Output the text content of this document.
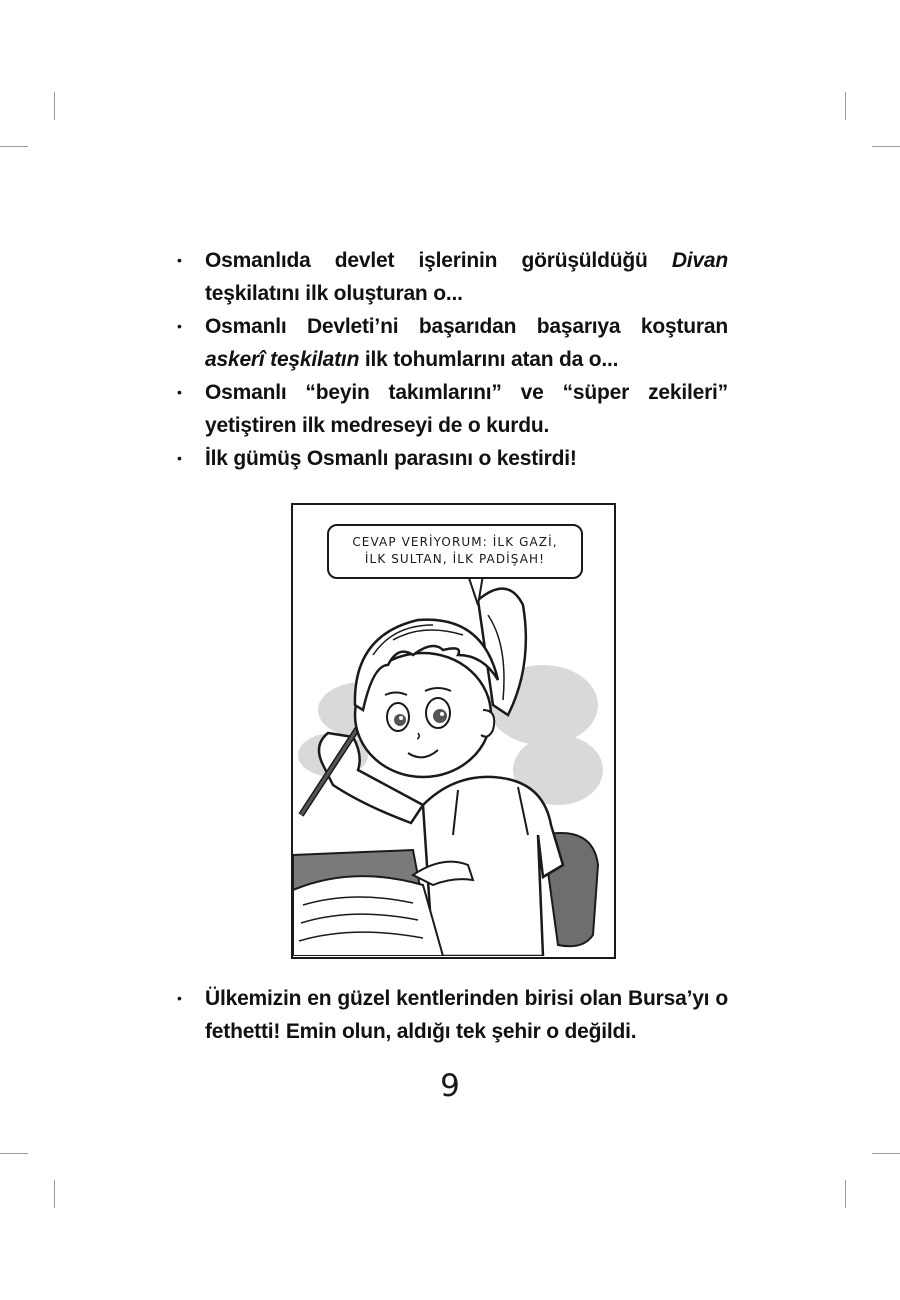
• Osmanlıda devlet işlerinin görüşüldüğü Divan teşkilatını ilk oluşturan o...
• Osmanlı Devleti’ni başarıdan başarıya koşturan askerî teşkilatın ilk tohumlarını atan da o...
• Osmanlı “beyin takımlarını” ve “süper zekileri” yetiştiren ilk medreseyi de o kurdu.
• İlk gümüş Osmanlı parasını o kestirdi!
CEVAP VERİYORUM: İLK GAZİ,
İLK SULTAN, İLK PADİŞAH!
• Ülkemizin en güzel kentlerinden birisi olan Bursa’yı o fethetti! Emin olun, aldığı tek şehir o değildi.
9
